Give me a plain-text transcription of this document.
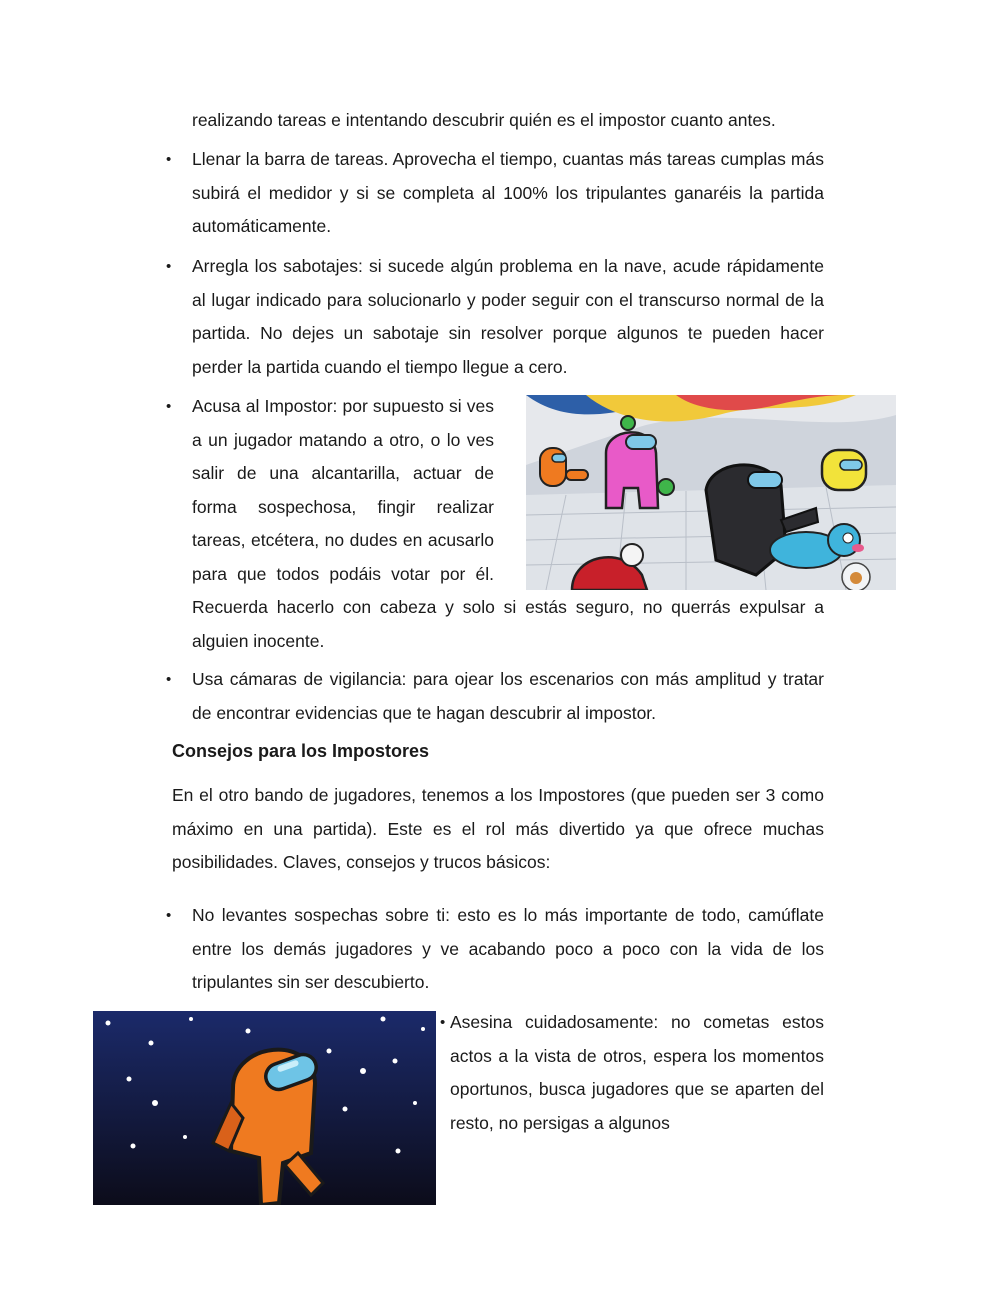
realizando tareas e intentando descubrir quién es el impostor cuanto antes.

• Llenar la barra de tareas. Aprovecha el tiempo, cuantas más tareas cumplas más subirá el medidor y si se completa al 100% los tripulantes ganaréis la partida automáticamente.

• Arregla los sabotajes: si sucede algún problema en la nave, acude rápidamente al lugar indicado para solucionarlo y poder seguir con el transcurso normal de la partida. No dejes un sabotaje sin resolver porque algunos te pueden hacer perder la partida cuando el tiempo llegue a cero.

• Acusa al Impostor: por supuesto si ves a un jugador matando a otro, o lo ves salir de una alcantarilla, actuar de forma sospechosa, fingir realizar tareas, etcétera, no dudes en acusarlo para que todos podáis votar por él. Recuerda hacerlo con cabeza y solo si estás seguro, no querrás expulsar a alguien inocente.

• Usa cámaras de vigilancia: para ojear los escenarios con más amplitud y tratar de encontrar evidencias que te hagan descubrir al impostor.

Consejos para los Impostores

En el otro bando de jugadores, tenemos a los Impostores (que pueden ser 3 como máximo en una partida). Este es el rol más divertido ya que ofrece muchas posibilidades. Claves, consejos y trucos básicos:

• No levantes sospechas sobre ti: esto es lo más importante de todo, camúflate entre los demás jugadores y ve acabando poco a poco con la vida de los tripulantes sin ser descubierto.

• Asesina cuidadosamente: no cometas estos actos a la vista de otros, espera los momentos oportunos, busca jugadores que se aparten del resto, no persigas a algunos
